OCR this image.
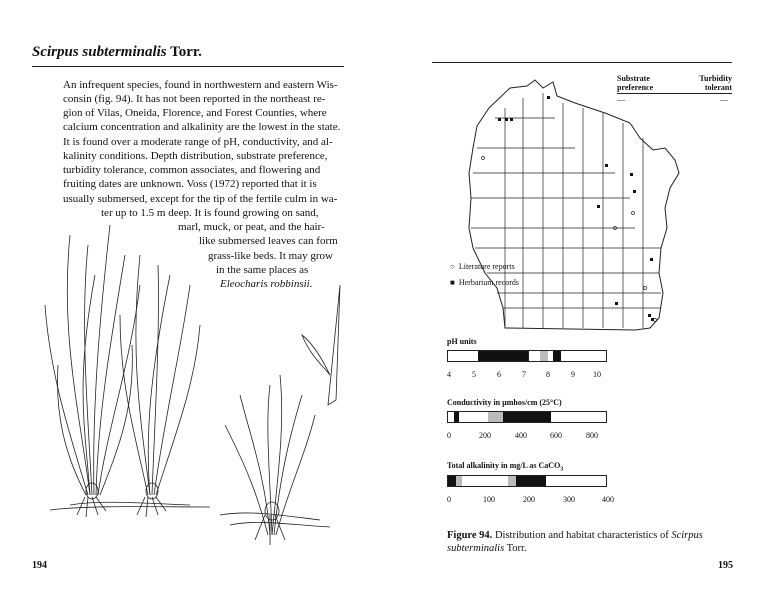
Scirpus subterminalis Torr.
An infrequent species, found in northwestern and eastern Wis-
consin (fig. 94). It has not been reported in the northeast re-
gion of Vilas, Oneida, Florence, and Forest Counties, where
calcium concentration and alkalinity are the lowest in the state.
It is found over a moderate range of pH, conductivity, and al-
kalinity conditions. Depth distribution, substrate preference,
turbidity tolerance, common associates, and flowering and
fruiting dates are unknown. Voss (1972) reported that it is
usually submersed, except for the tip of the fertile culm in wa-
ter up to 1.5 m deep. It is found growing on sand,
marl, muck, or peat, and the hair-
like submersed leaves can form
grass-like beds. It may grow
in the same places as
Eleocharis robbinsii.
194
Substrate
preference
Turbidity
tolerant
—	—
○ Literature reports
■ Herbarium records
pH units
4	5	6	7	8	9 10
Conductivity in µmhos/cm (25°C)
0	200	400	600	800
Total alkalinity in mg/L as CaCO$_3$
0	100	200	300	400
Figure 94. Distribution and habitat characteristics of Scirpus subterminalis Torr.
195
